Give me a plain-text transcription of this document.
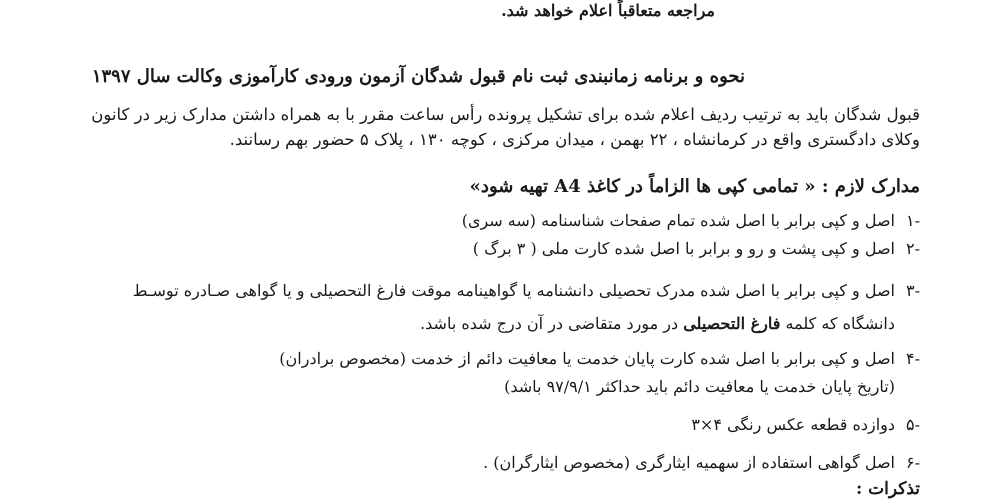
مراجعه متعاقباً اعلام خواهد شد.
نحوه و برنامه زمانبندی ثبت نام قبول شدگان آزمون ورودی کارآموزی وکالت سال ۱۳۹۷
قبول شدگان باید به ترتیب ردیف اعلام شده برای تشکیل پرونده رأس ساعت مقرر با به همراه داشتن مدارک زیر در کانون
وکلای دادگستری واقع در کرمانشاه ، ۲۲ بهمن ، میدان مرکزی ، کوچه ۱۳۰ ، پلاک ۵ حضور بهم رسانند.
مدارک لازم : « تمامی کپی ها الزاماً در کاغذ A4 تهیه شود»
-۱
اصل و کپی برابر با اصل شده تمام صفحات شناسنامه (سه سری)
-۲
اصل و کپی پشت و رو و برابر با اصل شده کارت ملی ( ۳ برگ )
-۳
اصل و کپی برابر با اصل شده مدرک تحصیلی دانشنامه یا گواهینامه موقت فارغ التحصیلی و یا گواهی صـادره توسـط
دانشگاه که کلمه فارغ التحصیلی در مورد متقاضی در آن درج شده باشد.
-۴
اصل و کپی برابر با اصل شده کارت پایان خدمت یا معافیت دائم از خدمت (مخصوص برادران)
(تاریخ پایان خدمت یا معافیت دائم باید حداکثر ۹۷/۹/۱ باشد)
-۵
دوازده قطعه عکس رنگی ۴×۳
-۶
اصل گواهی استفاده از سهمیه ایثارگری (مخصوص ایثارگران) .
تذکرات :
